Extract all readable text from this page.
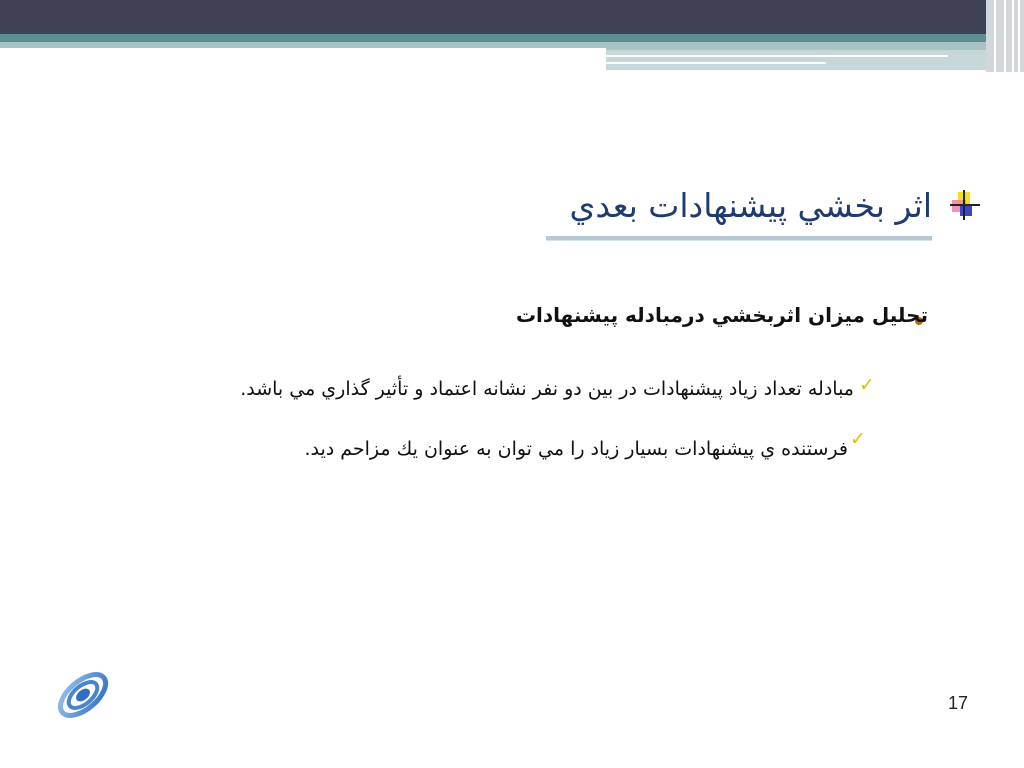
اثر بخشي پيشنهادات بعدي
تحليل ميزان اثربخشي درمبادله پيشنهادات
✓
مبادله تعداد زياد پيشنهادات در بين دو نفر نشانه اعتماد و تأثير گذاري مي باشد.
✓
فرستنده ي پيشنهادات بسيار زياد را مي توان به عنوان يك مزاحم ديد.
17
